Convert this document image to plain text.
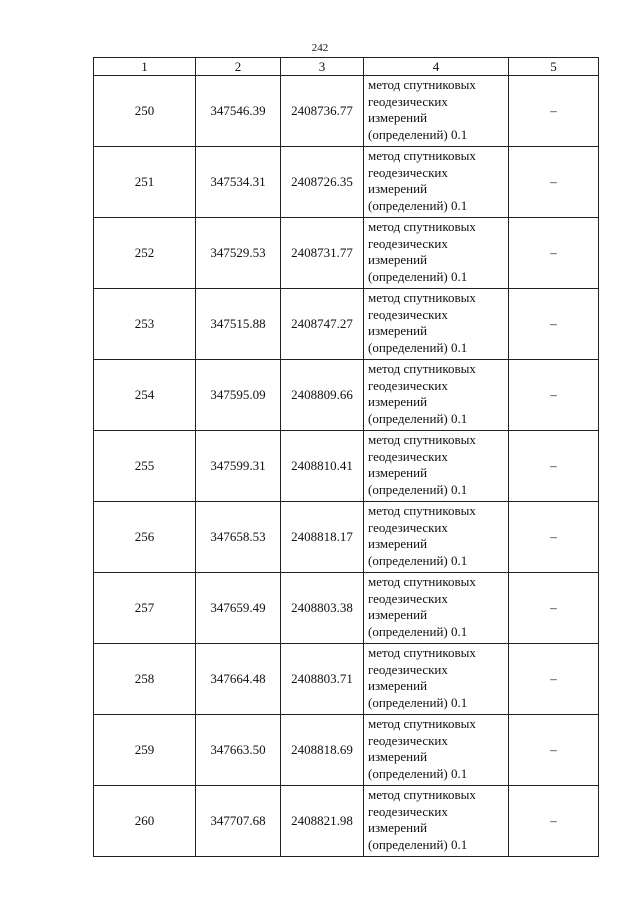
242
1	2	3	4	5
250	347546.39	2408736.77	метод спутниковых
геодезических
измерений
(определений) 0.1	–
251	347534.31	2408726.35	метод спутниковых
геодезических
измерений
(определений) 0.1	–
252	347529.53	2408731.77	метод спутниковых
геодезических
измерений
(определений) 0.1	–
253	347515.88	2408747.27	метод спутниковых
геодезических
измерений
(определений) 0.1	–
254	347595.09	2408809.66	метод спутниковых
геодезических
измерений
(определений) 0.1	–
255	347599.31	2408810.41	метод спутниковых
геодезических
измерений
(определений) 0.1	–
256	347658.53	2408818.17	метод спутниковых
геодезических
измерений
(определений) 0.1	–
257	347659.49	2408803.38	метод спутниковых
геодезических
измерений
(определений) 0.1	–
258	347664.48	2408803.71	метод спутниковых
геодезических
измерений
(определений) 0.1	–
259	347663.50	2408818.69	метод спутниковых
геодезических
измерений
(определений) 0.1	–
260	347707.68	2408821.98	метод спутниковых
геодезических
измерений
(определений) 0.1	–
